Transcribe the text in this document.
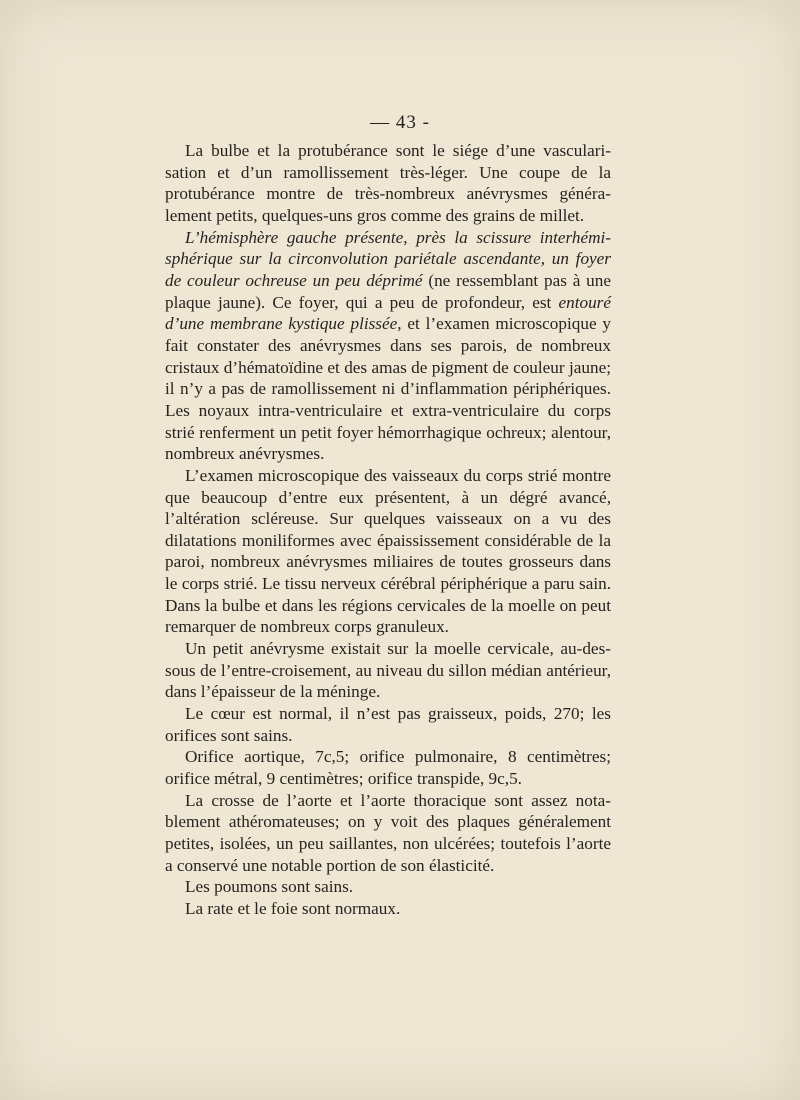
— 43 -

La bulbe et la protubérance sont le siége d’une vascularisation et d’un ramollissement très-léger. Une coupe de la protubérance montre de très-nombreux anévrysmes généralement petits, quelques-uns gros comme des grains de millet.

L’hémisphère gauche présente, près la scissure interhémisphérique sur la circonvolution pariétale ascendante, un foyer de couleur ochreuse un peu déprimé (ne ressemblant pas à une plaque jaune). Ce foyer, qui a peu de profondeur, est entouré d’une membrane kystique plissée, et l’examen microscopique y fait constater des anévrysmes dans ses parois, de nombreux cristaux d’hématoïdine et des amas de pigment de couleur jaune; il n’y a pas de ramollissement ni d’inflammation périphériques. Les noyaux intra-ventriculaire et extra-ventriculaire du corps strié renferment un petit foyer hémorrhagique ochreux; alentour, nombreux anévrysmes.

L’examen microscopique des vaisseaux du corps strié montre que beaucoup d’entre eux présentent, à un dégré avancé, l’altération scléreuse. Sur quelques vaisseaux on a vu des dilatations moniliformes avec épaississement considérable de la paroi, nombreux anévrysmes miliaires de toutes grosseurs dans le corps strié. Le tissu nerveux cérébral périphérique a paru sain. Dans la bulbe et dans les régions cervicales de la moelle on peut remarquer de nombreux corps granuleux.

Un petit anévrysme existait sur la moelle cervicale, au-dessous de l’entre-croisement, au niveau du sillon médian antérieur, dans l’épaisseur de la méninge.

Le cœur est normal, il n’est pas graisseux, poids, 270; les orifices sont sains.

Orifice aortique, 7c,5; orifice pulmonaire, 8 centimètres; orifice métral, 9 centimètres; orifice transpide, 9c,5.

La crosse de l’aorte et l’aorte thoracique sont assez notablement athéromateuses; on y voit des plaques généralement petites, isolées, un peu saillantes, non ulcérées; toutefois l’aorte a conservé une notable portion de son élasticité.

Les poumons sont sains.

La rate et le foie sont normaux.
